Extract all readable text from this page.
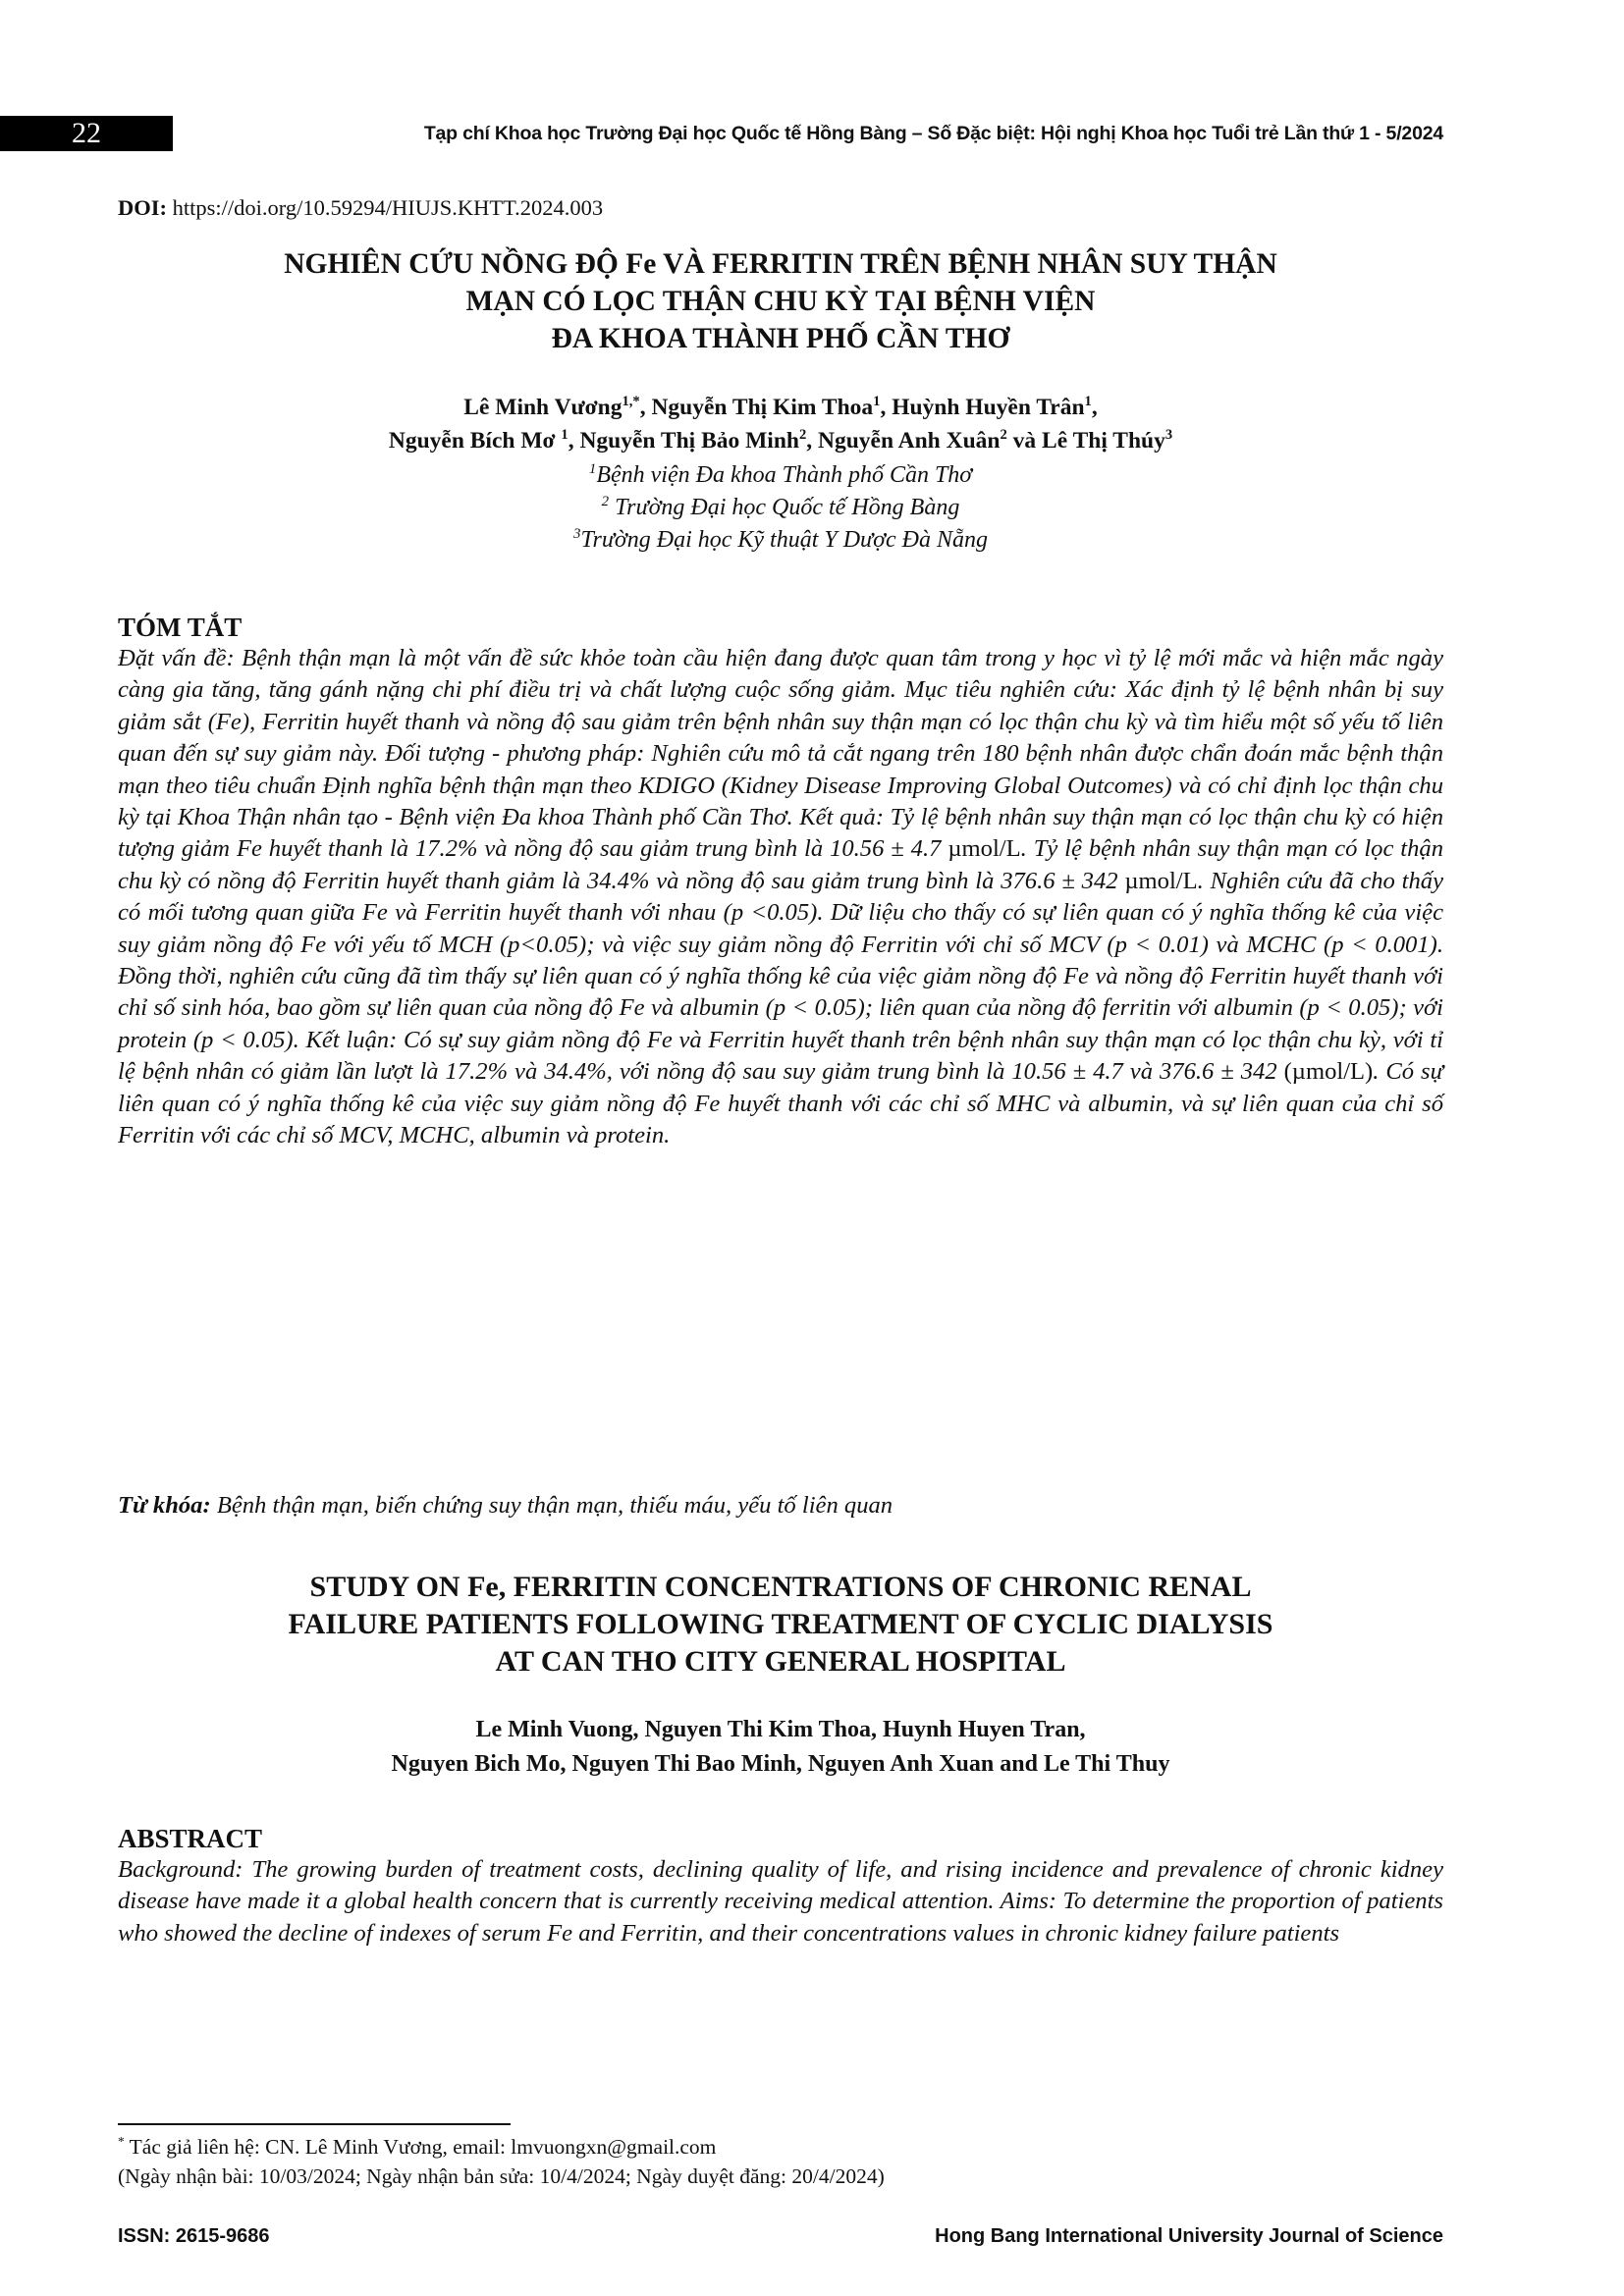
22	Tạp chí Khoa học Trường Đại học Quốc tế Hồng Bàng – Số Đặc biệt: Hội nghị Khoa học Tuổi trẻ Lần thứ 1 - 5/2024
DOI: https://doi.org/10.59294/HIUJS.KHTT.2024.003
NGHIÊN CỨU NỒNG ĐỘ Fe VÀ FERRITIN TRÊN BỆNH NHÂN SUY THẬN
MẠN CÓ LỌC THẬN CHU KỲ TẠI BỆNH VIỆN
ĐA KHOA THÀNH PHỐ CẦN THƠ
Lê Minh Vương$^{1,*}$, Nguyễn Thị Kim Thoa$^1$, Huỳnh Huyền Trân$^1$,
Nguyễn Bích Mơ $^1$, Nguyễn Thị Bảo Minh$^2$, Nguyễn Anh Xuân$^2$ và Lê Thị Thúy$^3$
$^1$Bệnh viện Đa khoa Thành phố Cần Thơ
$^2$ Trường Đại học Quốc tế Hồng Bàng
$^3$Trường Đại học Kỹ thuật Y Dược Đà Nẵng
TÓM TẮT
Đặt vấn đề: Bệnh thận mạn là một vấn đề sức khỏe toàn cầu hiện đang được quan tâm trong y học vì tỷ lệ mới mắc và hiện mắc ngày càng gia tăng, tăng gánh nặng chi phí điều trị và chất lượng cuộc sống giảm. Mục tiêu nghiên cứu: Xác định tỷ lệ bệnh nhân bị suy giảm sắt (Fe), Ferritin huyết thanh và nồng độ sau giảm trên bệnh nhân suy thận mạn có lọc thận chu kỳ và tìm hiểu một số yếu tố liên quan đến sự suy giảm này. Đối tượng - phương pháp: Nghiên cứu mô tả cắt ngang trên 180 bệnh nhân được chẩn đoán mắc bệnh thận mạn theo tiêu chuẩn Định nghĩa bệnh thận mạn theo KDIGO (Kidney Disease Improving Global Outcomes) và có chỉ định lọc thận chu kỳ tại Khoa Thận nhân tạo - Bệnh viện Đa khoa Thành phố Cần Thơ. Kết quả: Tỷ lệ bệnh nhân suy thận mạn có lọc thận chu kỳ có hiện tượng giảm Fe huyết thanh là 17.2% và nồng độ sau giảm trung bình là 10.56 ± 4.7 µmol/L. Tỷ lệ bệnh nhân suy thận mạn có lọc thận chu kỳ có nồng độ Ferritin huyết thanh giảm là 34.4% và nồng độ sau giảm trung bình là 376.6 ± 342 µmol/L. Nghiên cứu đã cho thấy có mối tương quan giữa Fe và Ferritin huyết thanh với nhau (p <0.05). Dữ liệu cho thấy có sự liên quan có ý nghĩa thống kê của việc suy giảm nồng độ Fe với yếu tố MCH (p<0.05); và việc suy giảm nồng độ Ferritin với chỉ số MCV (p < 0.01) và MCHC (p < 0.001). Đồng thời, nghiên cứu cũng đã tìm thấy sự liên quan có ý nghĩa thống kê của việc giảm nồng độ Fe và nồng độ Ferritin huyết thanh với chỉ số sinh hóa, bao gồm sự liên quan của nồng độ Fe và albumin (p < 0.05); liên quan của nồng độ ferritin với albumin (p < 0.05); với protein (p < 0.05). Kết luận: Có sự suy giảm nồng độ Fe và Ferritin huyết thanh trên bệnh nhân suy thận mạn có lọc thận chu kỳ, với tỉ lệ bệnh nhân có giảm lần lượt là 17.2% và 34.4%, với nồng độ sau suy giảm trung bình là 10.56 ± 4.7 và 376.6 ± 342 (µmol/L). Có sự liên quan có ý nghĩa thống kê của việc suy giảm nồng độ Fe huyết thanh với các chỉ số MHC và albumin, và sự liên quan của chỉ số Ferritin với các chỉ số MCV, MCHC, albumin và protein.
Từ khóa: Bệnh thận mạn, biến chứng suy thận mạn, thiếu máu, yếu tố liên quan
STUDY ON Fe, FERRITIN CONCENTRATIONS OF CHRONIC RENAL
FAILURE PATIENTS FOLLOWING TREATMENT OF CYCLIC DIALYSIS
AT CAN THO CITY GENERAL HOSPITAL
Le Minh Vuong, Nguyen Thi Kim Thoa, Huynh Huyen Tran,
Nguyen Bich Mo, Nguyen Thi Bao Minh, Nguyen Anh Xuan and Le Thi Thuy
ABSTRACT
Background: The growing burden of treatment costs, declining quality of life, and rising incidence and prevalence of chronic kidney disease have made it a global health concern that is currently receiving medical attention. Aims: To determine the proportion of patients who showed the decline of indexes of serum Fe and Ferritin, and their concentrations values in chronic kidney failure patients
* Tác giả liên hệ: CN. Lê Minh Vương, email: lmvuongxn@gmail.com
(Ngày nhận bài: 10/03/2024; Ngày nhận bản sửa: 10/4/2024; Ngày duyệt đăng: 20/4/2024)
ISSN: 2615-9686	Hong Bang International University Journal of Science
